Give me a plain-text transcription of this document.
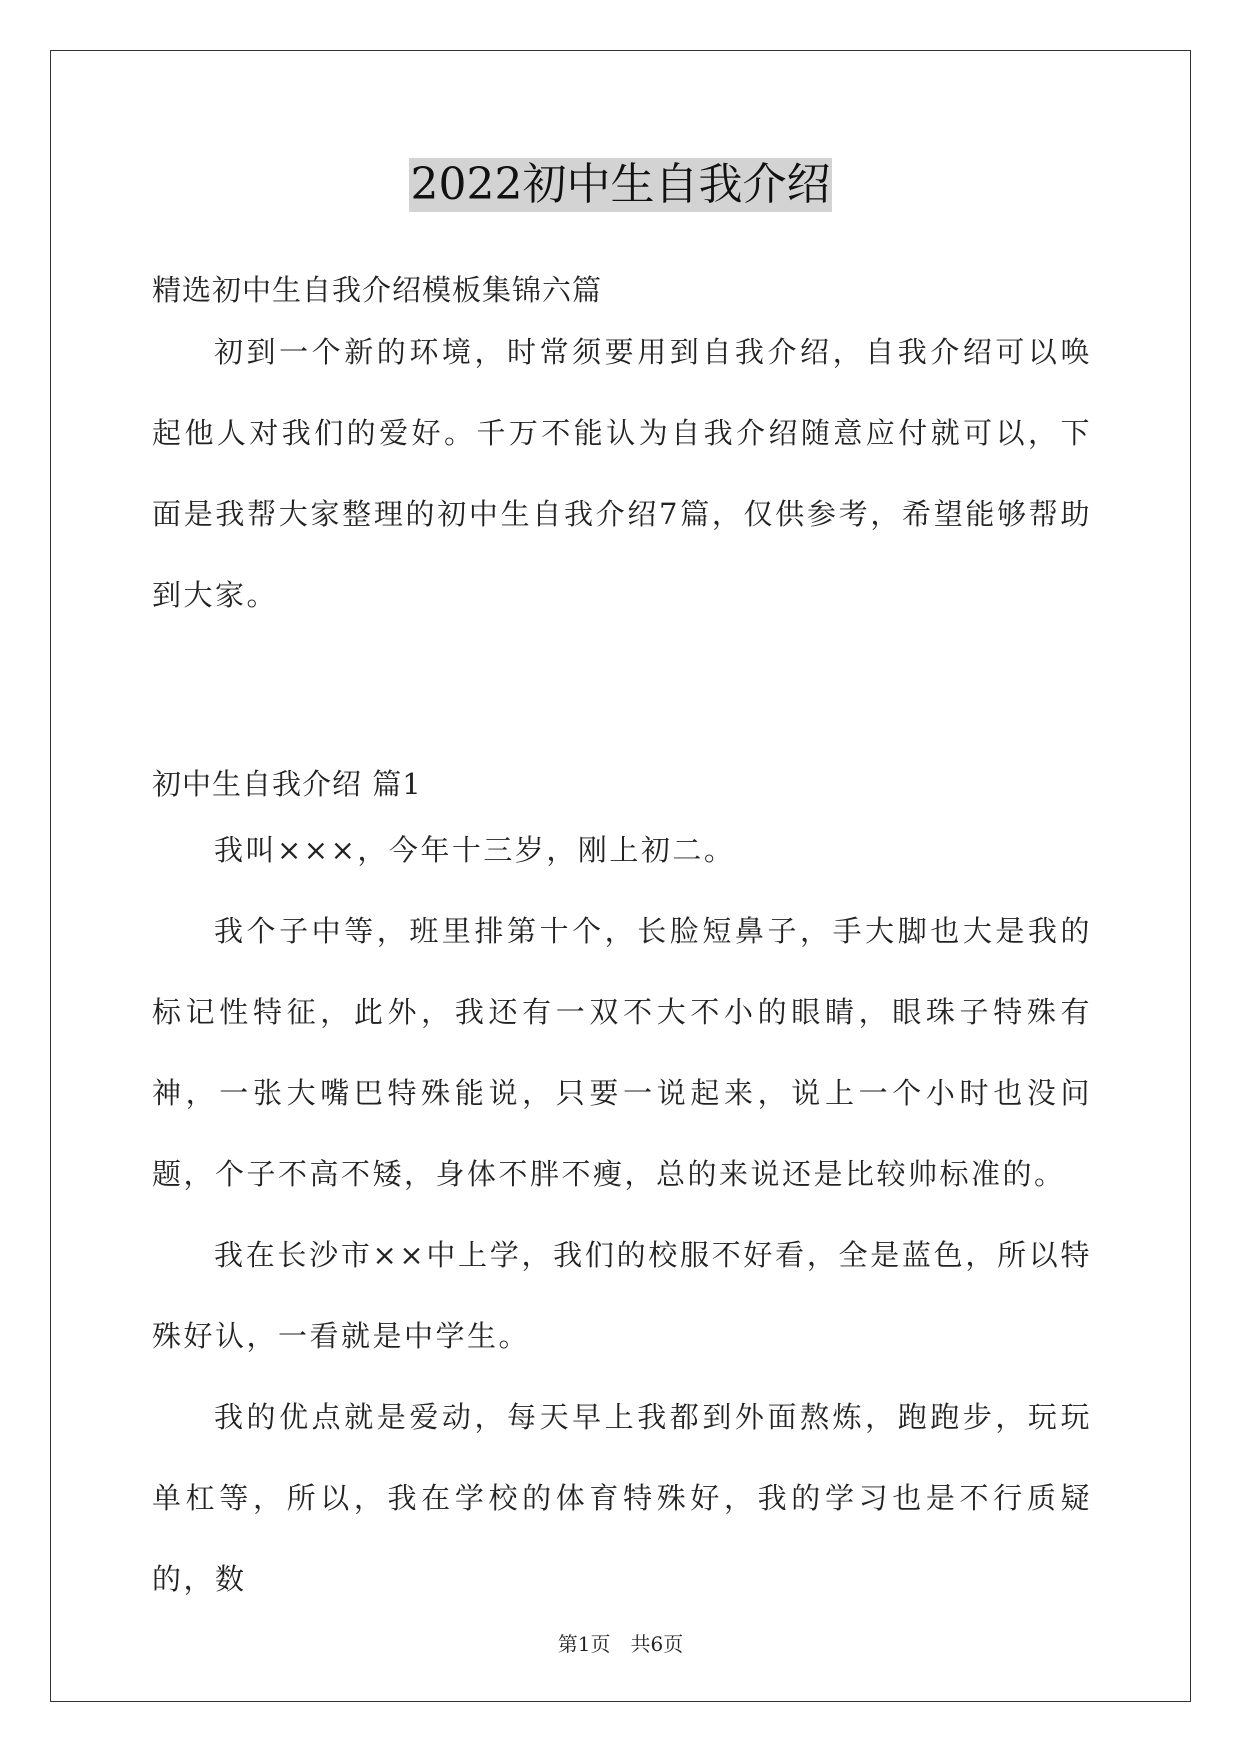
2022初中生自我介绍
精选初中生自我介绍模板集锦六篇

初到一个新的环境，时常须要用到自我介绍，自我介绍可以唤起他人对我们的爱好。千万不能认为自我介绍随意应付就可以，下面是我帮大家整理的初中生自我介绍7篇，仅供参考，希望能够帮助到大家。

初中生自我介绍 篇1

我叫×××，今年十三岁，刚上初二。

我个子中等，班里排第十个，长脸短鼻子，手大脚也大是我的标记性特征，此外，我还有一双不大不小的眼睛，眼珠子特殊有神，一张大嘴巴特殊能说，只要一说起来，说上一个小时也没问题，个子不高不矮，身体不胖不瘦，总的来说还是比较帅标准的。

我在长沙市××中上学，我们的校服不好看，全是蓝色，所以特殊好认，一看就是中学生。

我的优点就是爱动，每天早上我都到外面熬炼，跑跑步，玩玩单杠等，所以，我在学校的体育特殊好，我的学习也是不行质疑的，数

第1页　共6页
